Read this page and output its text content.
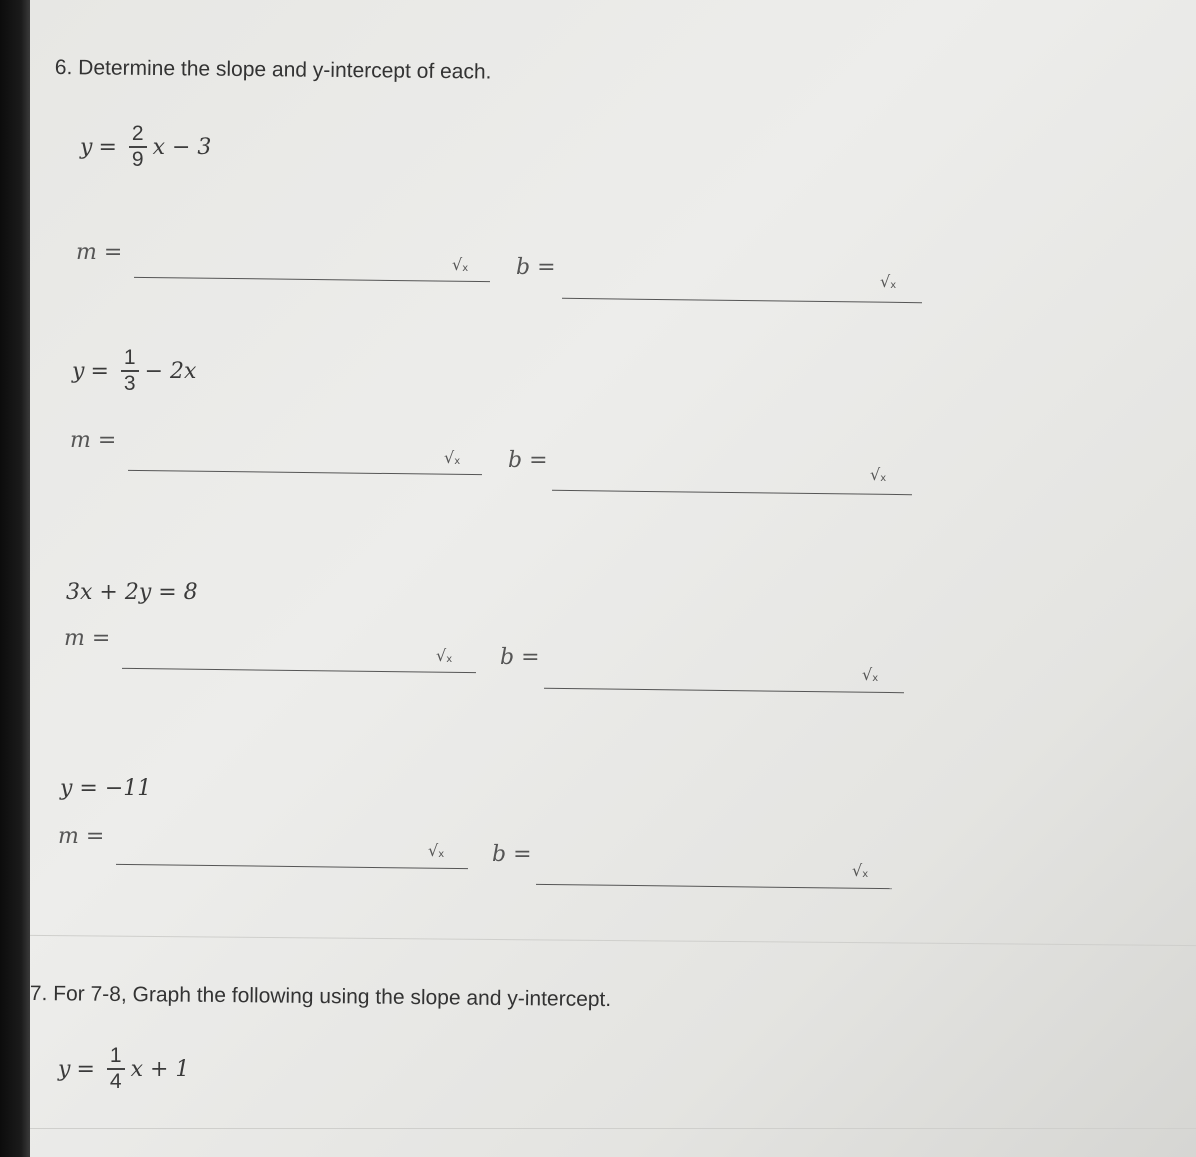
6. Determine the slope and y-intercept of each.
$y = \frac{2}{9}$ x − 3
m =	√x b =
√x
$y = \frac{1}{3} - 2x$
m =
√x b =
√x
3x + 2y = 8
m =
√x b =
√x
y = −11
m =
√x b =
√x
7. For 7-8, Graph the following using the slope and y-intercept.
$y = \frac{1}{4}$ x + 1
